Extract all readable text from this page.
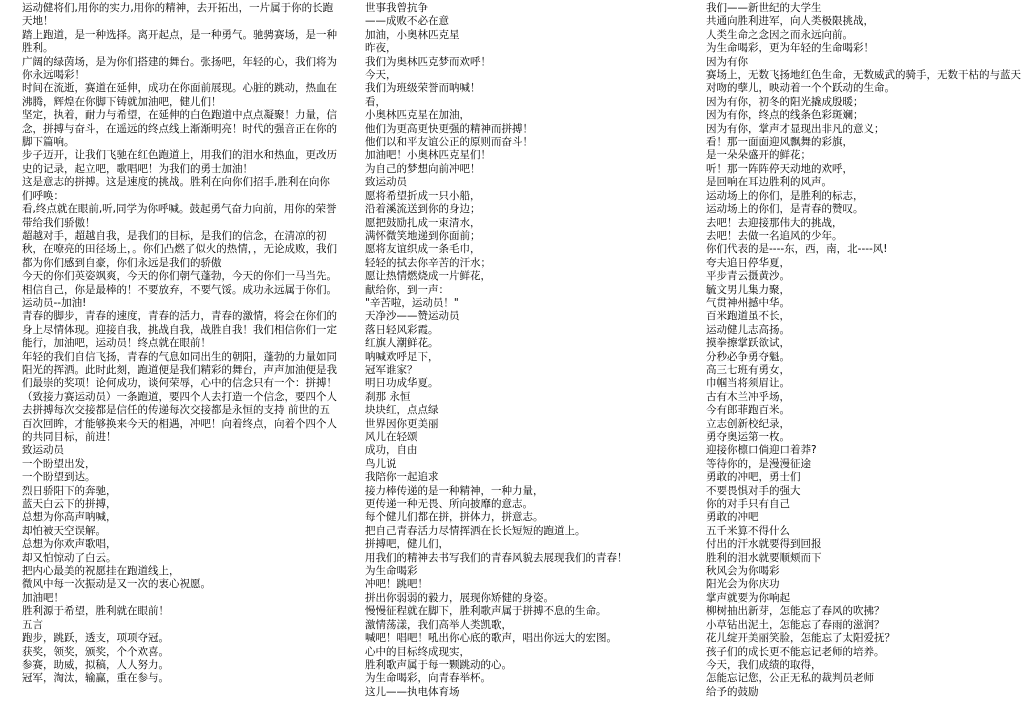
运动健将们,用你的实力,用你的精神，去开拓出，一片属于你的长跑天地！
踏上跑道，是一种选择。离开起点，是一种勇气。驰骋赛场，是一种胜利。
广阔的绿茵场，是为你们搭建的舞台。张扬吧，年轻的心，我们将为你永远喝彩！
时间在流逝，赛道在延伸，成功在你面前展现。心脏的跳动，热血在沸腾，辉煌在你脚下铸就加油吧，健儿们！
坚定，执着，耐力与希望，在延伸的白色跑道中点点凝聚！力量，信念，拼搏与奋斗，在遥远的终点线上渐渐明亮！时代的强音正在你的脚下篇响。
步子迈开，让我们飞驰在红色跑道上，用我们的泪水和热血，更改历史的记录，起立吧，歌唱吧！为我们的勇士加油！
这是意志的拼搏。这是速度的挑战。胜利在向你们招手,胜利在向你们呼唤：
看,终点就在眼前,听,同学为你呼喊。鼓起勇气奋力向前，用你的荣誉带给我们骄傲！
超越对手，超越自我，是我们的目标，是我们的信念，在清凉的初秋，在嘹亮的田径场上，。你们凸燃了似火的热情，，无论成败，我们都为你们感到自豪，你们永远是我们的骄傲
今天的你们英姿飒爽，今天的你们朝气蓬勃，今天的你们一马当先。相信自己，你是最棒的！不要放弃，不要气馁。成功永远属于你们。
运动员--加油!
青春的脚步，青春的速度，青春的活力，青春的激情，将会在你们的身上尽情体现。迎接自我，挑战自我，战胜自我！我们相信你们一定能行，加油吧，运动员！终点就在眼前！
年轻的我们自信飞扬，青春的气息如同出生的朝阳，蓬勃的力量如同阳光的挥洒。此时此刻，跑道便是我们精彩的舞台，声声加油便是我们最崇的奖项！论何成功，谈何荣辱，心中的信念只有一个：拼搏！
（致接力赛运动员）一条跑道，要四个人去打造一个信念，要四个人去拼搏每次交接都是信任的传递每次交接都是永恒的支持 前世的五百次回眸，才能够换来今天的相遇，冲吧！向着终点，向着个四个人的共同目标，前进！
致运动员
一个盼望出发，
一个盼望到达。
烈日骄阳下的奔驰，
蓝天白云下的拼搏，
总想为你高声呐喊，
却怕被天空误解。
总想为你欢声歌唱，
却又怕惊动了白云。
把内心最美的祝愿挂在跑道线上，
微风中每一次振动是又一次的衷心祝愿。
加油吧！
胜利源于希望，胜利就在眼前！
五言
跑步，跳跃，透支，项项夺冠。
获奖，领奖，颁奖，个个欢喜。
参赛，助威，拟稿，人人努力。
冠军，淘汰，输赢，重在参与。
世事我曾抗争
——成败不必在意
加油，小奥林匹克星
昨夜，
我们为奥林匹克梦而欢呼！
今天，
我们为班级荣誉而呐喊！
看，
小奥林匹克星在加油，
他们为更高更快更强的精神而拼搏！
他们以和平友谊公正的原则而奋斗！
加油吧！小奥林匹克星们！
为自己的梦想向前冲吧！
致运动员
愿将希望折成一只小船，
沿着溪流送到你的身边；
愿把鼓励扎成一束清水，
满怀微笑地递到你面前；
愿将友谊织成一条毛巾，
轻轻的拭去你辛苦的汗水；
愿让热情燃烧成一片鲜花，
献给你，到一声：
"辛苦啦，运动员！"
天净沙——赞运动员
落日轻风彩霞。
红旗人潮鲜花。
呐喊欢呼足下，
冠军谁家？
明日功成华夏。
刹那 永恒
块块红，点点绿
世界因你更美丽
风儿在轻颂
成功，自由
鸟儿说
我陪你一起追求
接力棒传递的是一种精神，一种力量，
更传递一种无畏、所向披靡的意志。
每个健儿们都在拼，拼体力，拼意志。
把自己青春活力尽情挥洒在长长短短的跑道上。
拼搏吧，健儿们，
用我们的精神去书写我们的青春风貌去展现我们的青春！
为生命喝彩
冲吧！跳吧！
拼出你弱弱的毅力，展现你矫健的身姿。
慢慢征程就在脚下，胜利歌声属于拼搏不息的生命。
激情荡漾，我们高举人类凯歌，
喊吧！唱吧！吼出你心底的歌声，唱出你远大的宏图。
心中的目标终成现实，
胜利歌声属于每一颗跳动的心。
为生命喝彩，向青春举杯。
这儿——执电体育场
我们——新世纪的大学生
共通向胜利进军，向人类极限挑战，
人类生命之念因之而永远向前。
为生命喝彩，更为年轻的生命喝彩！
因为有你
赛场上，无数飞扬地红色生命，无数威武的骑手，无数干枯的与蓝天对吻的孽儿，映动着一个个跃动的生命。
因为有你，初冬的阳光撬成殷暖；
因为有你，终点的线条色彩斑斓；
因为有你，掌声才显现出非凡的意义；
看！那一面面迎风飘舞的彩旗，
是一朵朵盛开的鲜花；
听！那一阵阵停天动地的欢呼，
是回响在耳边胜利的风声。
运动场上的你们，是胜利的标志，
运动场上的你们，是青春的赞叹。
去吧！去迎接那伟大的挑战，
去吧！去做一名追风的少年。
你们代表的是----东，西，南，北----风!
夸夫追日停华夏，
平步青云摄黄沙。
毓文男儿集力聚，
气贯神州撼中华。
百米跑道虽不长，
运动健儿志高扬。
摸拳擦掌跃欲试，
分秒必争勇夺魁。
高三七班有勇女，
巾帼当将须眉让。
古有木兰冲乎场，
今有郎菲跑百米。
立志创新校纪录，
勇夺奥运第一枚。
迎接你檩口倘迎口着莽?
等待你的，是漫漫征途
勇敢的冲吧，勇士们
不要畏惧对手的强大
你的对手只有自己
勇敢的冲吧
五千米算不得什么
付出的汗水就要得到回报
胜利的泪水就要顺颊而下
秋风会为你喝彩
阳光会为你庆功
掌声就要为你响起
柳树抽出新芽，怎能忘了春风的吹拂？
小草钻出泥土，怎能忘了春雨的滋润？
花儿绽开美丽笑脸，怎能忘了太阳爱抚？
孩子们的成长更不能忘记老师的培养。
今天，我们成绩的取得，
怎能忘记您，公正无私的裁判员老师
给予的鼓励
